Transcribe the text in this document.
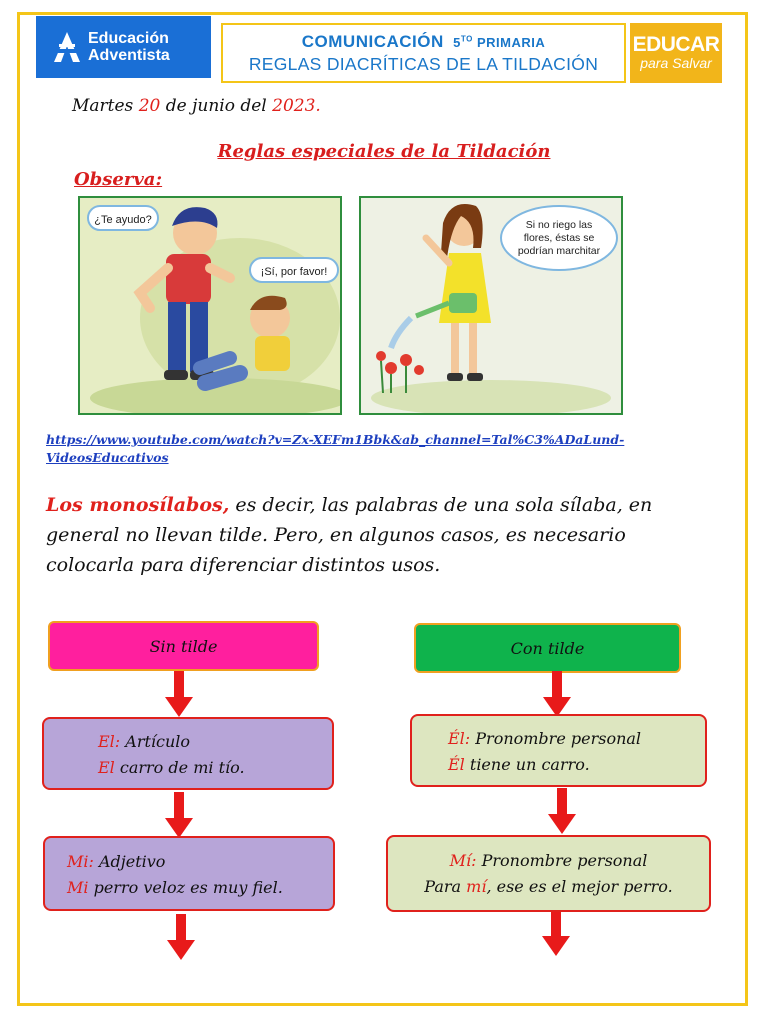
Educación
Adventista
COMUNICACIÓN $5^{TO}$ PRIMARIA
REGLAS DIACRÍTICAS DE LA TILDACIÓN
EDUCAR
para Salvar
Martes 20 de junio del 2023.
Reglas especiales de la Tildación
Observa:
¿Te ayudo?
¡Sí, por favor!
Si no riego las
flores, éstas se
podrían marchitar
https://www.youtube.com/watch?v=Zx-XEFm1Bbk&ab_channel=Tal%C3%ADaLund-VideosEducativos
Los monosílabos, es decir, las palabras de una sola sílaba, en general no llevan tilde. Pero, en algunos casos, es necesario colocarla para diferenciar distintos usos.
Sin tilde	Con tilde
El: Artículo
El carro de mi tío.
Él: Pronombre personal
Él tiene un carro.
Mi: Adjetivo
Mi perro veloz es muy fiel.
Mí: Pronombre personal
Para mí, ese es el mejor perro.
